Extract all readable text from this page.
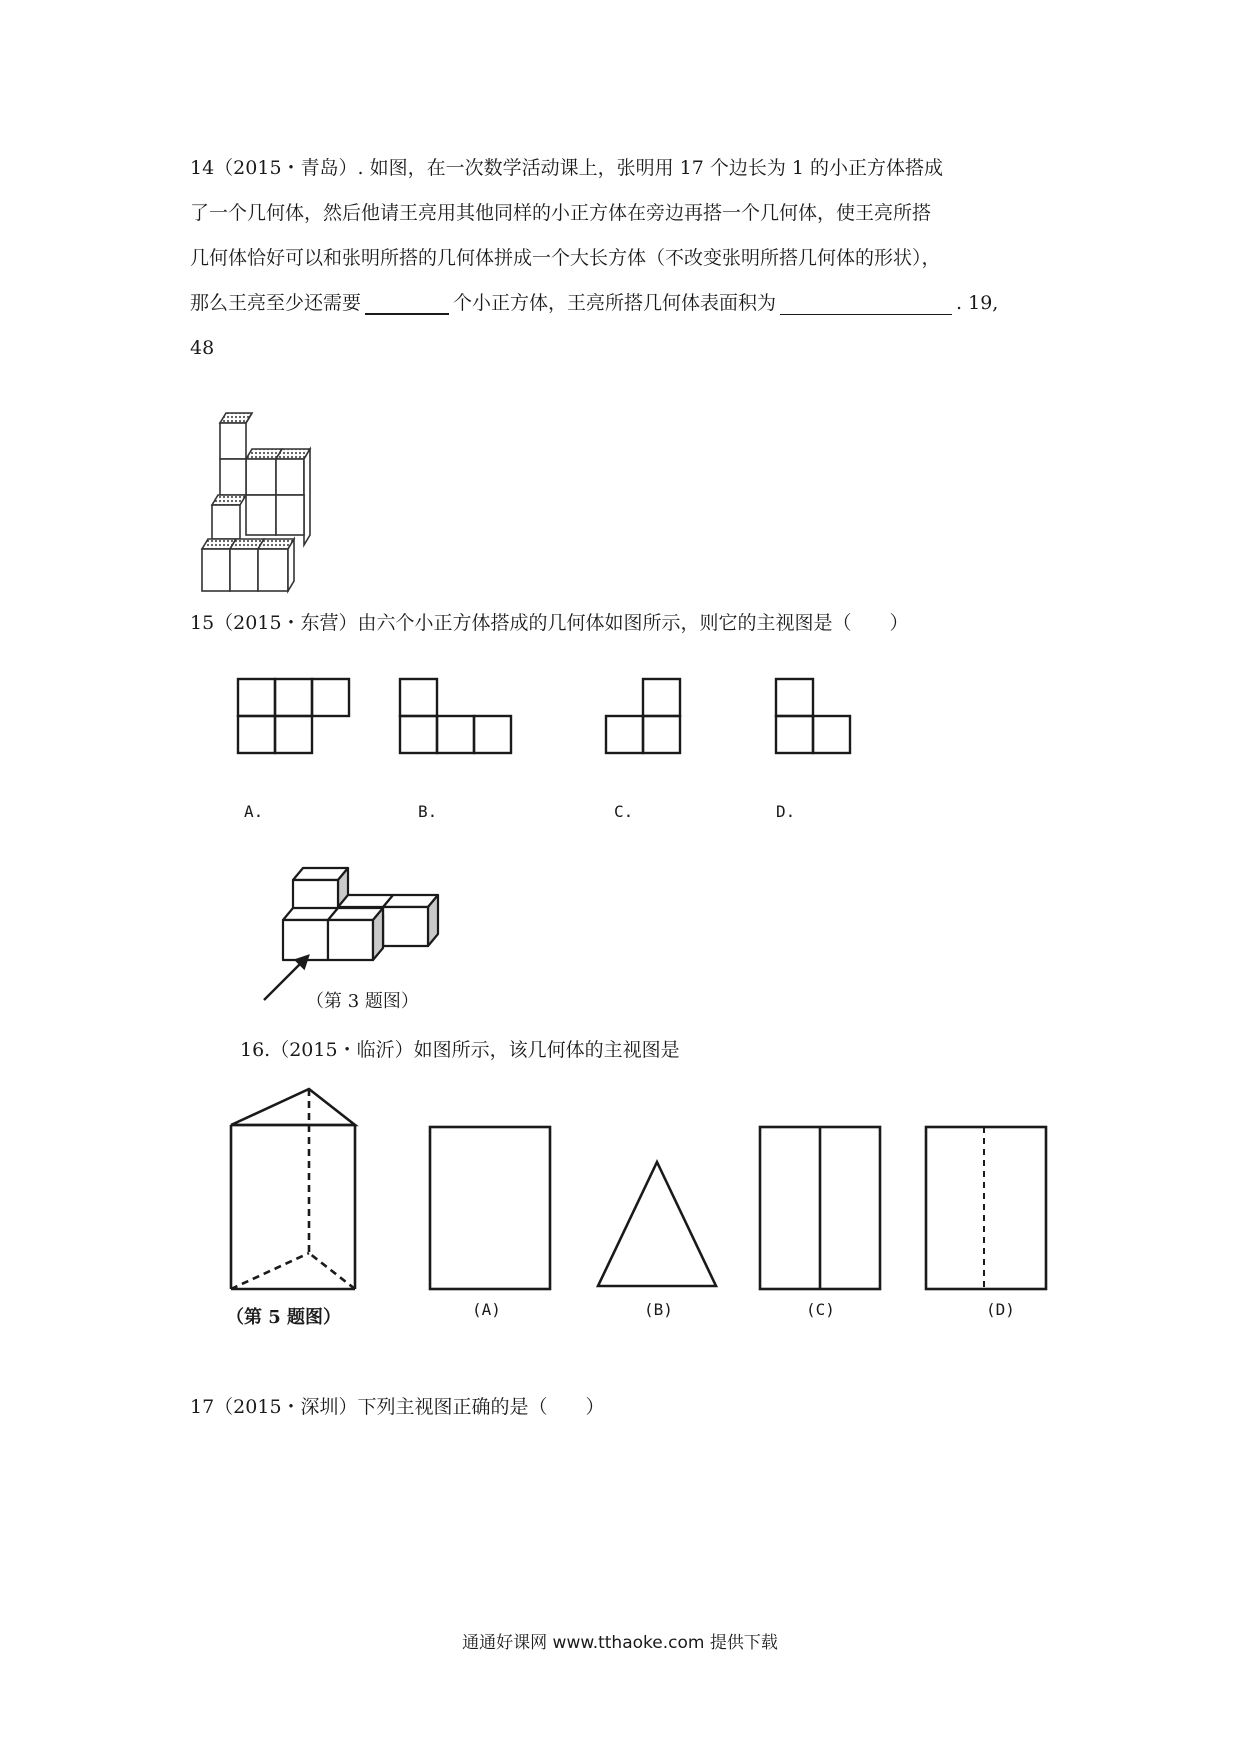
14（2015・青岛）. 如图，在一次数学活动课上，张明用 17 个边长为 1 的小正方体搭成
了一个几何体，然后他请王亮用其他同样的小正方体在旁边再搭一个几何体，使王亮所搭
几何体恰好可以和张明所搭的几何体拼成一个大长方体（不改变张明所搭几何体的形状），
那么王亮至少还需要	个小正方体，王亮所搭几何体表面积为	. 19,
48
15（2015・东营）由六个小正方体搭成的几何体如图所示，则它的主视图是（　　）
A.	B.	C.	D.
（第 3 题图）
16.（2015・临沂）如图所示，该几何体的主视图是
（第 5 题图）	(A)	(B)	(C)	(D)
17（2015・深圳）下列主视图正确的是（　　）
通通好课网 www.tthaoke.com 提供下载
